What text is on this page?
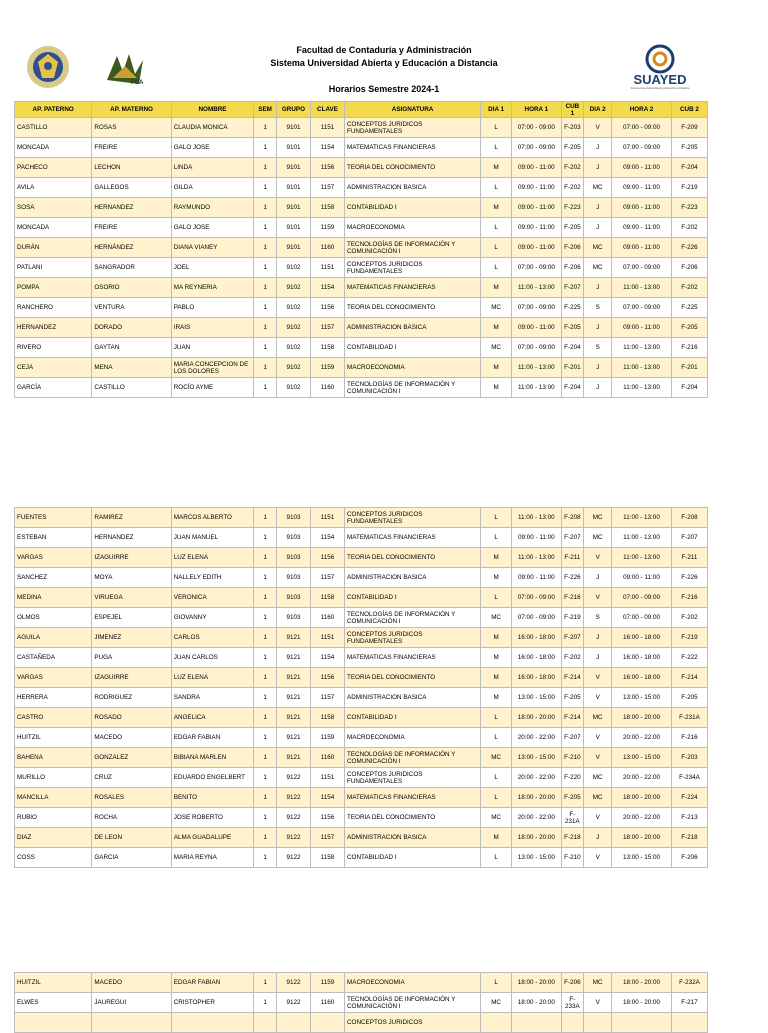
FCA
Facultad de Contaduría y Administración
Sistema Universidad Abierta y Educación a Distancia
Horarios Semestre 2024-1
SUAYED
Sistema Universidad Abierta y Educación a Distancia
AP. PATERNO	AP. MATERNO	NOMBRE	SEM	GRUPO	CLAVE	ASIGNATURA	DIA 1	HORA 1	CUB 1	DIA 2	HORA 2	CUB 2
CASTILLO	ROSAS	CLAUDIA MONICA	1	9101	1151	CONCEPTOS JURIDICOS FUNDAMENTALES	L	07:00 - 09:00	F-203	V	07:00 - 09:00	F-209
MONCADA	FREIRE	GALO JOSE	1	9101	1154	MATEMATICAS FINANCIERAS	L	07:00 - 09:00	F-205	J	07:00 - 09:00	F-205
PACHECO	LECHON	LINDA	1	9101	1156	TEORIA DEL CONOCIMIENTO	M	09:00 - 11:00	F-202	J	09:00 - 11:00	F-204
AVILA	GALLEGOS	GILDA	1	9101	1157	ADMINISTRACION BASICA	L	09:00 - 11:00	F-202	MC	09:00 - 11:00	F-219
SOSA	HERNANDEZ	RAYMUNDO	1	9101	1158	CONTABILIDAD I	M	09:00 - 11:00	F-223	J	09:00 - 11:00	F-223
MONCADA	FREIRE	GALO JOSE	1	9101	1159	MACROECONOMIA	L	09:00 - 11:00	F-205	J	09:00 - 11:00	F-202
DURÁN	HERNÁNDEZ	DIANA VIANEY	1	9101	1160	TECNOLOGÍAS DE INFORMACIÓN Y COMUNICACIÓN I	L	09:00 - 11:00	F-206	MC	09:00 - 11:00	F-226
PATLANI	SANGRADOR	JOEL	1	9102	1151	CONCEPTOS JURIDICOS FUNDAMENTALES	L	07:00 - 09:00	F-206	MC	07:00 - 09:00	F-206
POMPA	OSORIO	MA REYNERIA	1	9102	1154	MATEMATICAS FINANCIERAS	M	11:00 - 13:00	F-207	J	11:00 - 13:00	F-202
RANCHERO	VENTURA	PABLO	1	9102	1156	TEORIA DEL CONOCIMIENTO	MC	07:00 - 09:00	F-225	S	07:00 - 09:00	F-225
HERNANDEZ	DORADO	IRAIS	1	9102	1157	ADMINISTRACION BASICA	M	09:00 - 11:00	F-205	J	09:00 - 11:00	F-205
RIVERO	GAYTAN	JUAN	1	9102	1158	CONTABILIDAD I	MC	07:00 - 09:00	F-204	S	11:00 - 13:00	F-216
CEJA	MENA	MARIA CONCEPCION DE LOS DOLORES	1	9102	1159	MACROECONOMIA	M	11:00 - 13:00	F-201	J	11:00 - 13:00	F-201
GARCÍA	CASTILLO	ROCÍO AYME	1	9102	1160	TECNOLOGÍAS DE INFORMACIÓN Y COMUNICACIÓN I	M	11:00 - 13:00	F-204	J	11:00 - 13:00	F-204
FUENTES	RAMIREZ	MARCOS ALBERTO	1	9103	1151	CONCEPTOS JURIDICOS FUNDAMENTALES	L	11:00 - 13:00	F-208	MC	11:00 - 13:00	F-208
ESTEBAN	HERNANDEZ	JUAN MANUEL	1	9103	1154	MATEMATICAS FINANCIERAS	L	09:00 - 11:00	F-207	MC	11:00 - 13:00	F-207
VARGAS	IZAGUIRRE	LUZ ELENA	1	9103	1156	TEORIA DEL CONOCIMIENTO	M	11:00 - 13:00	F-211	V	11:00 - 13:00	F-211
SANCHEZ	MOYA	NALLELY EDITH	1	9103	1157	ADMINISTRACION BASICA	M	09:00 - 11:00	F-226	J	09:00 - 11:00	F-226
MEDINA	VIRUEGA	VERONICA	1	9103	1158	CONTABILIDAD I	L	07:00 - 09:00	F-216	V	07:00 - 09:00	F-216
OLMOS	ESPEJEL	GIOVANNY	1	9103	1160	TECNOLOGÍAS DE INFORMACIÓN Y COMUNICACIÓN I	MC	07:00 - 09:00	F-219	S	07:00 - 09:00	F-202
AGUILA	JIMENEZ	CARLOS	1	9121	1151	CONCEPTOS JURIDICOS FUNDAMENTALES	M	16:00 - 18:00	F-207	J	16:00 - 18:00	F-219
CASTAÑEDA	PUGA	JUAN CARLOS	1	9121	1154	MATEMATICAS FINANCIERAS	M	16:00 - 18:00	F-202	J	16:00 - 18:00	F-222
VARGAS	IZAGUIRRE	LUZ ELENA	1	9121	1156	TEORIA DEL CONOCIMIENTO	M	16:00 - 18:00	F-214	V	16:00 - 18:00	F-214
HERRERA	RODRIGUEZ	SANDRA	1	9121	1157	ADMINISTRACION BASICA	M	13:00 - 15:00	F-205	V	13:00 - 15:00	F-205
CASTRO	ROSADO	ANGELICA	1	9121	1158	CONTABILIDAD I	L	18:00 - 20:00	F-214	MC	18:00 - 20:00	F-231A
HUITZIL	MACEDO	EDGAR FABIAN	1	9121	1159	MACROECONOMIA	L	20:00 - 22:00	F-207	V	20:00 - 22:00	F-216
BAHENA	GONZALEZ	BIBIANA MARLEN	1	9121	1160	TECNOLOGÍAS DE INFORMACIÓN Y COMUNICACIÓN I	MC	13:00 - 15:00	F-210	V	13:00 - 15:00	F-203
MURILLO	CRUZ	EDUARDO ENGELBERT	1	9122	1151	CONCEPTOS JURIDICOS FUNDAMENTALES	L	20:00 - 22:00	F-220	MC	20:00 - 22:00	F-234A
MANCILLA	ROSALES	BENITO	1	9122	1154	MATEMATICAS FINANCIERAS	L	18:00 - 20:00	F-205	MC	18:00 - 20:00	F-224
RUBIO	ROCHA	JOSE ROBERTO	1	9122	1156	TEORIA DEL CONOCIMIENTO	MC	20:00 - 22:00	F-231A	V	20:00 - 22:00	F-213
DIAZ	DE LEON	ALMA GUADALUPE	1	9122	1157	ADMINISTRACION BASICA	M	18:00 - 20:00	F-218	J	18:00 - 20:00	F-218
COSS	GARCIA	MARIA REYNA	1	9122	1158	CONTABILIDAD I	L	13:00 - 15:00	F-210	V	13:00 - 15:00	F-206
HUITZIL	MACEDO	EDGAR FABIAN	1	9122	1159	MACROECONOMIA	L	18:00 - 20:00	F-206	MC	18:00 - 20:00	F-232A
ELWES	JAUREGUI	CRISTOPHER	1	9122	1160	TECNOLOGÍAS DE INFORMACIÓN Y COMUNICACIÓN I	MC	18:00 - 20:00	F-233A	V	18:00 - 20:00	F-217
						CONCEPTOS JURIDICOS						
